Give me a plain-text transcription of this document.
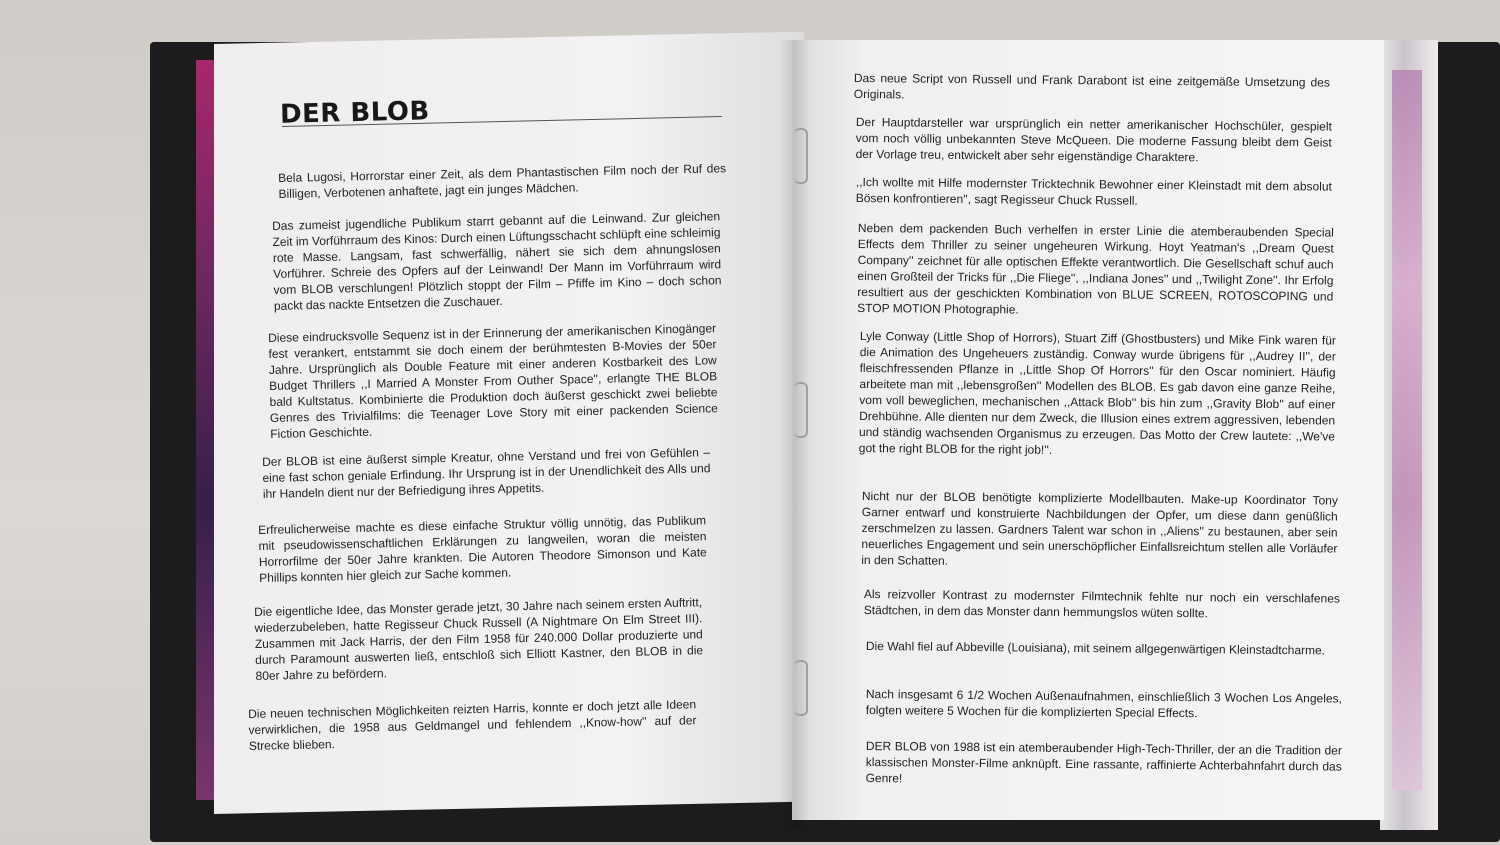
DER BLOB

Bela Lugosi, Horrorstar einer Zeit, als dem Phantastischen Film noch der Ruf des Billigen, Verbotenen anhaftete, jagt ein junges Mädchen.

Das zumeist jugendliche Publikum starrt gebannt auf die Leinwand. Zur gleichen Zeit im Vorführraum des Kinos: Durch einen Lüftungsschacht schlüpft eine schleimig rote Masse. Langsam, fast schwerfällig, nähert sie sich dem ahnungslosen Vorführer. Schreie des Opfers auf der Leinwand! Der Mann im Vorführraum wird vom BLOB verschlungen! Plötzlich stoppt der Film – Pfiffe im Kino – doch schon packt das nackte Entsetzen die Zuschauer.

Diese eindrucksvolle Sequenz ist in der Erinnerung der amerikanischen Kinogänger fest verankert, entstammt sie doch einem der berühmtesten B-Movies der 50er Jahre. Ursprünglich als Double Feature mit einer anderen Kostbarkeit des Low Budget Thrillers ,,I Married A Monster From Outher Space'', erlangte THE BLOB bald Kultstatus. Kombinierte die Produktion doch äußerst geschickt zwei beliebte Genres des Trivialfilms: die Teenager Love Story mit einer packenden Science Fiction Geschichte.

Der BLOB ist eine äußerst simple Kreatur, ohne Verstand und frei von Gefühlen – eine fast schon geniale Erfindung. Ihr Ursprung ist in der Unendlichkeit des Alls und ihr Handeln dient nur der Befriedigung ihres Appetits.

Erfreulicherweise machte es diese einfache Struktur völlig unnötig, das Publikum mit pseudowissenschaftlichen Erklärungen zu langweilen, woran die meisten Horrorfilme der 50er Jahre krankten. Die Autoren Theodore Simonson und Kate Phillips konnten hier gleich zur Sache kommen.

Die eigentliche Idee, das Monster gerade jetzt, 30 Jahre nach seinem ersten Auftritt, wiederzubeleben, hatte Regisseur Chuck Russell (A Nightmare On Elm Street III). Zusammen mit Jack Harris, der den Film 1958 für 240.000 Dollar produzierte und durch Paramount auswerten ließ, entschloß sich Elliott Kastner, den BLOB in die 80er Jahre zu befördern.

Die neuen technischen Möglichkeiten reizten Harris, konnte er doch jetzt alle Ideen verwirklichen, die 1958 aus Geldmangel und fehlendem ,,Know-how'' auf der Strecke blieben.

Das neue Script von Russell und Frank Darabont ist eine zeitgemäße Umsetzung des Originals.

Der Hauptdarsteller war ursprünglich ein netter amerikanischer Hochschüler, gespielt vom noch völlig unbekannten Steve McQueen. Die moderne Fassung bleibt dem Geist der Vorlage treu, entwickelt aber sehr eigenständige Charaktere.

,,Ich wollte mit Hilfe modernster Tricktechnik Bewohner einer Kleinstadt mit dem absolut Bösen konfrontieren'', sagt Regisseur Chuck Russell.

Neben dem packenden Buch verhelfen in erster Linie die atemberaubenden Special Effects dem Thriller zu seiner ungeheuren Wirkung. Hoyt Yeatman's ,,Dream Quest Company'' zeichnet für alle optischen Effekte verantwortlich. Die Gesellschaft schuf auch einen Großteil der Tricks für ,,Die Fliege'', ,,Indiana Jones'' und ,,Twilight Zone''. Ihr Erfolg resultiert aus der geschickten Kombination von BLUE SCREEN, ROTOSCOPING und STOP MOTION Photographie.

Lyle Conway (Little Shop of Horrors), Stuart Ziff (Ghostbusters) und Mike Fink waren für die Animation des Ungeheuers zuständig. Conway wurde übrigens für ,,Audrey II'', der fleischfressenden Pflanze in ,,Little Shop Of Horrors'' für den Oscar nominiert. Häufig arbeitete man mit ,,lebensgroßen'' Modellen des BLOB. Es gab davon eine ganze Reihe, vom voll beweglichen, mechanischen ,,Attack Blob'' bis hin zum ,,Gravity Blob'' auf einer Drehbühne. Alle dienten nur dem Zweck, die Illusion eines extrem aggressiven, lebenden und ständig wachsenden Organismus zu erzeugen. Das Motto der Crew lautete: ,,We've got the right BLOB for the right job!''.

Nicht nur der BLOB benötigte komplizierte Modellbauten. Make-up Koordinator Tony Garner entwarf und konstruierte Nachbildungen der Opfer, um diese dann genüßlich zerschmelzen zu lassen. Gardners Talent war schon in ,,Aliens'' zu bestaunen, aber sein neuerliches Engagement und sein unerschöpflicher Einfallsreichtum stellen alle Vorläufer in den Schatten.

Als reizvoller Kontrast zu modernster Filmtechnik fehlte nur noch ein verschlafenes Städtchen, in dem das Monster dann hemmungslos wüten sollte.

Die Wahl fiel auf Abbeville (Louisiana), mit seinem allgegenwärtigen Kleinstadtcharme.

Nach insgesamt 6 1/2 Wochen Außenaufnahmen, einschließlich 3 Wochen Los Angeles, folgten weitere 5 Wochen für die komplizierten Special Effects.

DER BLOB von 1988 ist ein atemberaubender High-Tech-Thriller, der an die Tradition der klassischen Monster-Filme anknüpft. Eine rassante, raffinierte Achterbahnfahrt durch das Genre!
